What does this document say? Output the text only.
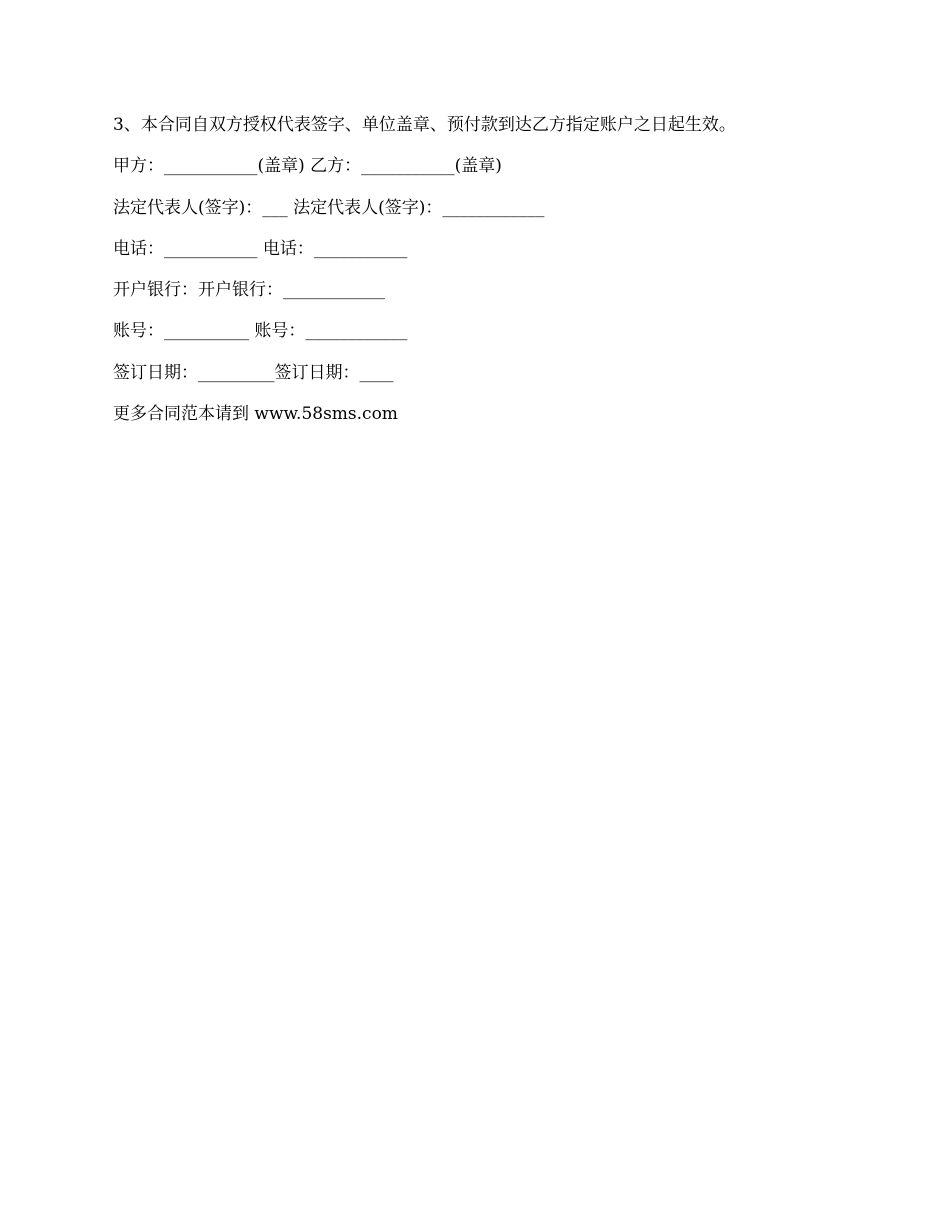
3、本合同自双方授权代表签字、单位盖章、预付款到达乙方指定账户之日起生效。
甲方：___________(盖章) 乙方：___________(盖章)
法定代表人(签字)：___ 法定代表人(签字)：____________
电话：___________ 电话：___________
开户银行：开户银行：____________
账号：__________ 账号：____________
签订日期：_________签订日期：____
更多合同范本请到 www.58sms.com
